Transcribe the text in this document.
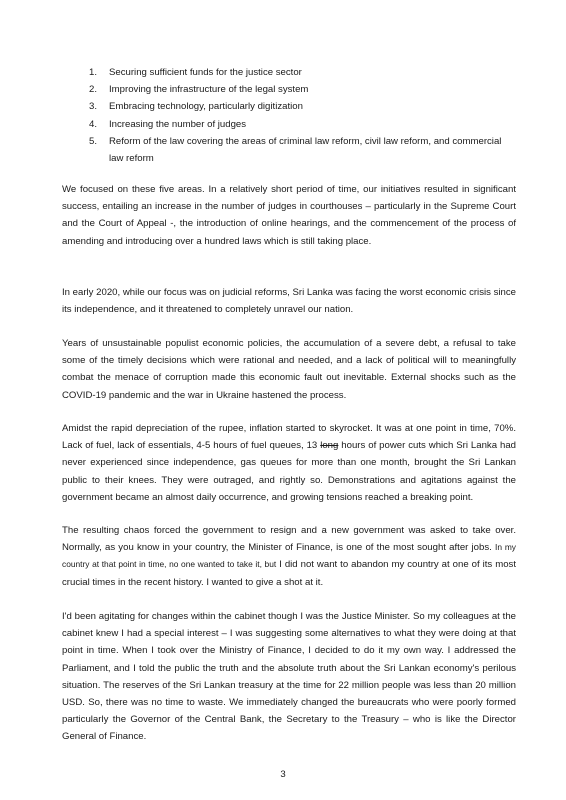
1. Securing sufficient funds for the justice sector
2. Improving the infrastructure of the legal system
3. Embracing technology, particularly digitization
4. Increasing the number of judges
5. Reform of the law covering the areas of criminal law reform, civil law reform, and commercial law reform

We focused on these five areas. In a relatively short period of time, our initiatives resulted in significant success, entailing an increase in the number of judges in courthouses – particularly in the Supreme Court and the Court of Appeal -, the introduction of online hearings, and the commencement of the process of amending and introducing over a hundred laws which is still taking place.

In early 2020, while our focus was on judicial reforms, Sri Lanka was facing the worst economic crisis since its independence, and it threatened to completely unravel our nation.

Years of unsustainable populist economic policies, the accumulation of a severe debt, a refusal to take some of the timely decisions which were rational and needed, and a lack of political will to meaningfully combat the menace of corruption made this economic fault out inevitable. External shocks such as the COVID-19 pandemic and the war in Ukraine hastened the process.

Amidst the rapid depreciation of the rupee, inflation started to skyrocket. It was at one point in time, 70%. Lack of fuel, lack of essentials, 4-5 hours of fuel queues, 13 long hours of power cuts which Sri Lanka had never experienced since independence, gas queues for more than one month, brought the Sri Lankan public to their knees. They were outraged, and rightly so. Demonstrations and agitations against the government became an almost daily occurrence, and growing tensions reached a breaking point.

The resulting chaos forced the government to resign and a new government was asked to take over. Normally, as you know in your country, the Minister of Finance, is one of the most sought after jobs. In my country at that point in time, no one wanted to take it, but I did not want to abandon my country at one of its most crucial times in the recent history. I wanted to give a shot at it.

I'd been agitating for changes within the cabinet though I was the Justice Minister. So my colleagues at the cabinet knew I had a special interest – I was suggesting some alternatives to what they were doing at that point in time. When I took over the Ministry of Finance, I decided to do it my own way. I addressed the Parliament, and I told the public the truth and the absolute truth about the Sri Lankan economy's perilous situation. The reserves of the Sri Lankan treasury at the time for 22 million people was less than 20 million USD. So, there was no time to waste. We immediately changed the bureaucrats who were poorly formed particularly the Governor of the Central Bank, the Secretary to the Treasury – who is like the Director General of Finance.

3
